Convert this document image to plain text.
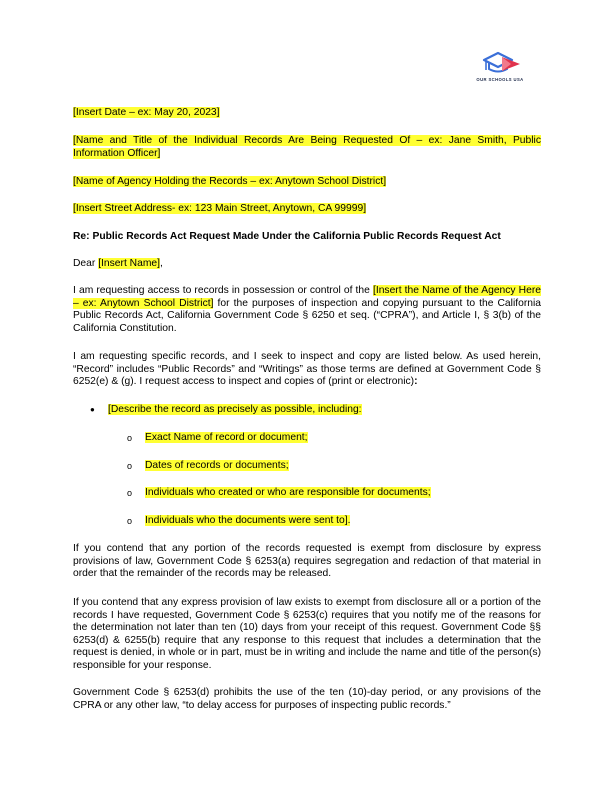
OUR SCHOOLS USA
[Insert Date – ex: May 20, 2023]
[Name and Title of the Individual Records Are Being Requested Of – ex: Jane Smith, Public Information Officer]
[Name of Agency Holding the Records – ex: Anytown School District]
[Insert Street Address- ex: 123 Main Street, Anytown, CA 99999]
Re: Public Records Act Request Made Under the California Public Records Request Act
Dear [Insert Name],
I am requesting access to records in possession or control of the [Insert the Name of the Agency Here – ex: Anytown School District] for the purposes of inspection and copying pursuant to the California Public Records Act, California Government Code § 6250 et seq. (“CPRA”), and Article I, § 3(b) of the California Constitution.
I am requesting specific records, and I seek to inspect and copy are listed below. As used herein, “Record” includes “Public Records” and “Writings” as those terms are defined at Government Code § 6252(e) & (g). I request access to inspect and copies of (print or electronic):
● [Describe the record as precisely as possible, including:
o Exact Name of record or document;
o Dates of records or documents;
o Individuals who created or who are responsible for documents;
o Individuals who the documents were sent to].
If you contend that any portion of the records requested is exempt from disclosure by express provisions of law, Government Code § 6253(a) requires segregation and redaction of that material in order that the remainder of the records may be released.
If you contend that any express provision of law exists to exempt from disclosure all or a portion of the records I have requested, Government Code § 6253(c) requires that you notify me of the reasons for the determination not later than ten (10) days from your receipt of this request. Government Code §§ 6253(d) & 6255(b) require that any response to this request that includes a determination that the request is denied, in whole or in part, must be in writing and include the name and title of the person(s) responsible for your response.
Government Code § 6253(d) prohibits the use of the ten (10)-day period, or any provisions of the CPRA or any other law, “to delay access for purposes of inspecting public records.”
